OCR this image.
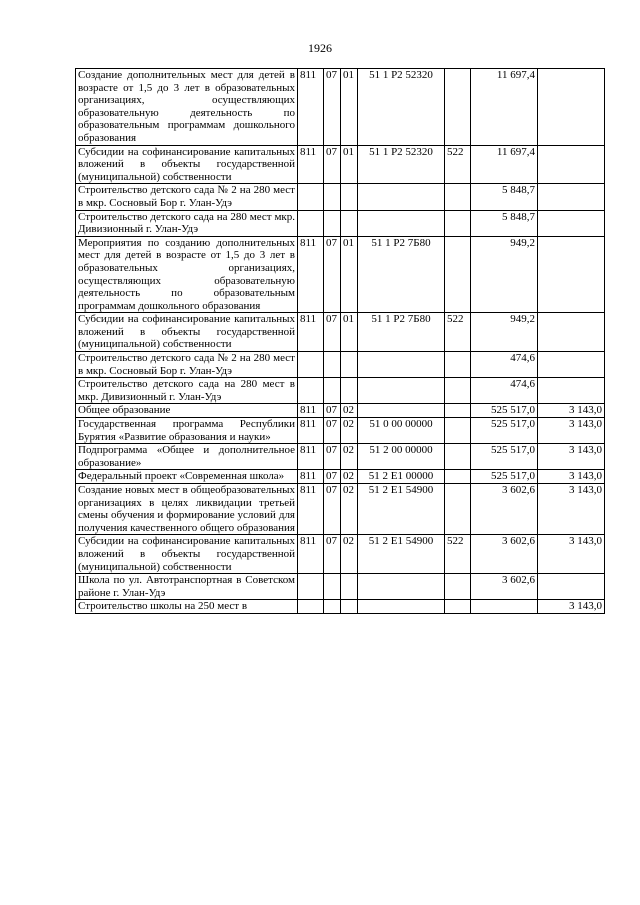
1926
Создание дополнительных мест для детей в возрасте от 1,5 до 3 лет в образовательных организациях, осуществляющих образовательную деятельность по образовательным программам дошкольного образования	811	07	01	51 1 P2 52320		11 697,4	
Субсидии на софинансирование капитальных вложений в объекты государственной (муниципальной) собственности	811	07	01	51 1 P2 52320	522	11 697,4	
Строительство детского сада № 2 на 280 мест в мкр. Сосновый Бор г. Улан-Удэ						5 848,7	
Строительство детского сада на 280 мест мкр. Дивизионный г. Улан-Удэ						5 848,7	
Мероприятия по созданию дополнительных мест для детей в возрасте от 1,5 до 3 лет в образовательных организациях, осуществляющих образовательную деятельность по образовательным программам дошкольного образования	811	07	01	51 1 P2 7Б80		949,2	
Субсидии на софинансирование капитальных вложений в объекты государственной (муниципальной) собственности	811	07	01	51 1 P2 7Б80	522	949,2	
Строительство детского сада № 2 на 280 мест в мкр. Сосновый Бор г. Улан-Удэ						474,6	
Строительство детского сада на 280 мест в мкр. Дивизионный г. Улан-Удэ						474,6	
Общее образование	811	07	02			525 517,0	3 143,0
Государственная программа Республики Бурятия «Развитие образования и науки»	811	07	02	51 0 00 00000		525 517,0	3 143,0
Подпрограмма «Общее и дополнительное образование»	811	07	02	51 2 00 00000		525 517,0	3 143,0
Федеральный проект «Современная школа»	811	07	02	51 2 E1 00000		525 517,0	3 143,0
Создание новых мест в общеобразовательных организациях в целях ликвидации третьей смены обучения и формирование условий для получения качественного общего образования	811	07	02	51 2 E1 54900		3 602,6	3 143,0
Субсидии на софинансирование капитальных вложений в объекты государственной (муниципальной) собственности	811	07	02	51 2 E1 54900	522	3 602,6	3 143,0
Школа по ул. Автотранспортная в Советском районе г. Улан-Удэ						3 602,6	
Строительство школы на 250 мест в							3 143,0
